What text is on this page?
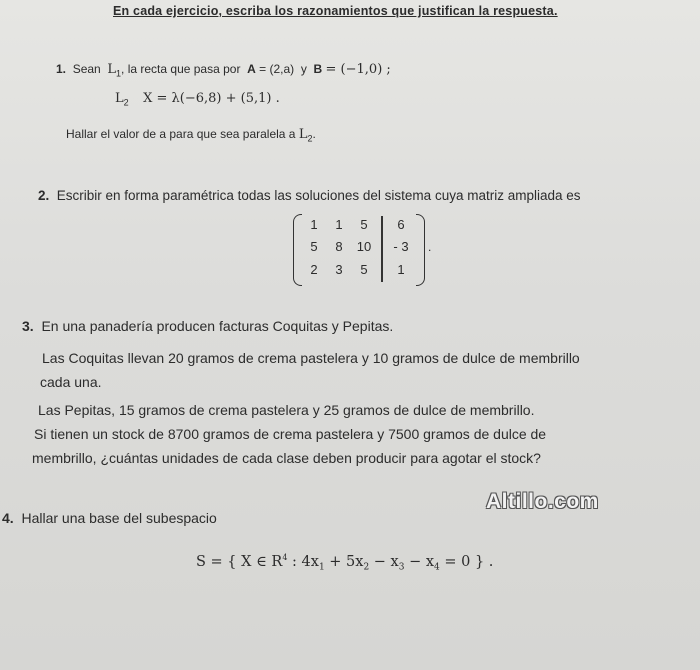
En cada ejercicio, escriba los razonamientos que justifican la respuesta.
1. Sean $L_1$, la recta que pasa por A = (2,a) y B = (−1,0) ;
$L_2$ X = λ(−6,8) + (5,1) .
Hallar el valor de a para que sea paralela a $L_2$.
2. Escribir en forma paramétrica todas las soluciones del sistema cuya matriz ampliada es
1	1	5	6
5	8	10	- 3
2	3	5	1
.
3. En una panadería producen facturas Coquitas y Pepitas.
Las Coquitas llevan 20 gramos de crema pastelera y 10 gramos de dulce de membrillo
cada una.
Las Pepitas, 15 gramos de crema pastelera y 25 gramos de dulce de membrillo.
Si tienen un stock de 8700 gramos de crema pastelera y 7500 gramos de dulce de
membrillo, ¿cuántas unidades de cada clase deben producir para agotar el stock?
Altillo.com
4. Hallar una base del subespacio
S = { X ∈ $R^4$ : $4x_1 + 5x_2 - x_3 - x_4 = 0$ } .
